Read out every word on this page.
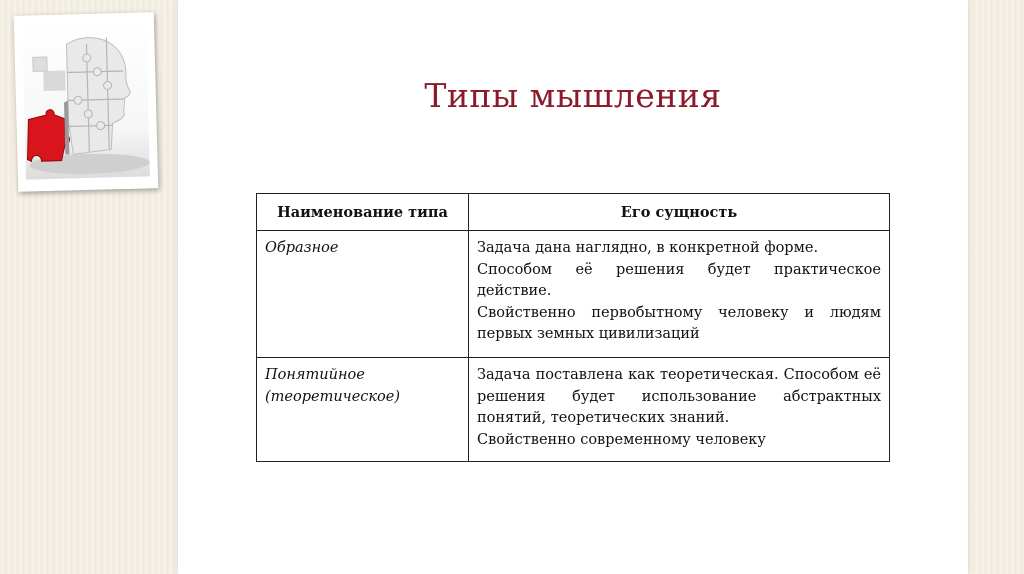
Типы мышления
Наименование типа	Его сущность

Образное	Задача дана наглядно, в конкретной форме.
Способом её решения будет практическое действие.
Свойственно первобытному человеку и людям первых земных цивилизаций

Понятийное
(теоретическое)	Задача поставлена как теоретическая. Способом её решения будет использование абстрактных понятий, теоретических знаний.
Свойственно современному человеку
